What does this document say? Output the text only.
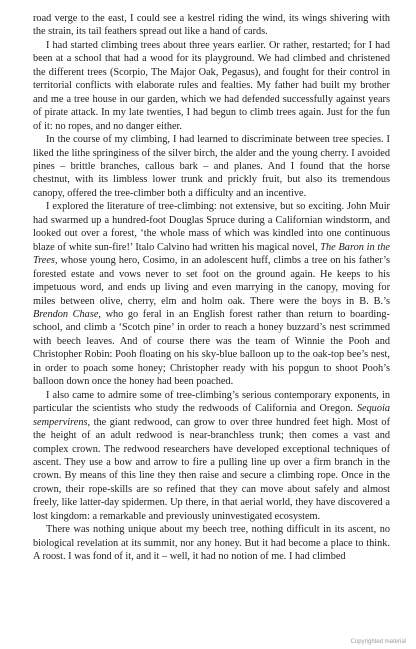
road verge to the east, I could see a kestrel riding the wind, its wings shivering with the strain, its tail feathers spread out like a hand of cards.

I had started climbing trees about three years earlier. Or rather, restarted; for I had been at a school that had a wood for its playground. We had climbed and christened the different trees (Scorpio, The Major Oak, Pegasus), and fought for their control in territorial conflicts with elaborate rules and fealties. My father had built my brother and me a tree house in our garden, which we had defended successfully against years of pirate attack. In my late twenties, I had begun to climb trees again. Just for the fun of it: no ropes, and no danger either.

In the course of my climbing, I had learned to discriminate between tree species. I liked the lithe springiness of the silver birch, the alder and the young cherry. I avoided pines – brittle branches, callous bark – and planes. And I found that the horse chestnut, with its limbless lower trunk and prickly fruit, but also its tremendous canopy, offered the tree-climber both a difficulty and an incentive.

I explored the literature of tree-climbing: not extensive, but so exciting. John Muir had swarmed up a hundred-foot Douglas Spruce during a Californian windstorm, and looked out over a forest, ‘the whole mass of which was kindled into one continuous blaze of white sun-fire!’ Italo Calvino had written his magical novel, The Baron in the Trees, whose young hero, Cosimo, in an adolescent huff, climbs a tree on his father’s forested estate and vows never to set foot on the ground again. He keeps to his impetuous word, and ends up living and even marrying in the canopy, moving for miles between olive, cherry, elm and holm oak. There were the boys in B. B.’s Brendon Chase, who go feral in an English forest rather than return to boarding-school, and climb a ‘Scotch pine’ in order to reach a honey buzzard’s nest scrimmed with beech leaves. And of course there was the team of Winnie the Pooh and Christopher Robin: Pooh floating on his sky-blue balloon up to the oak-top bee’s nest, in order to poach some honey; Christopher ready with his popgun to shoot Pooh’s balloon down once the honey had been poached.

I also came to admire some of tree-climbing’s serious contemporary exponents, in particular the scientists who study the redwoods of California and Oregon. Sequoia sempervirens, the giant redwood, can grow to over three hundred feet high. Most of the height of an adult redwood is near-branchless trunk; then comes a vast and complex crown. The redwood researchers have developed exceptional techniques of ascent. They use a bow and arrow to fire a pulling line up over a firm branch in the crown. By means of this line they then raise and secure a climbing rope. Once in the crown, their rope-skills are so refined that they can move about safely and almost freely, like latter-day spidermen. Up there, in that aerial world, they have discovered a lost kingdom: a remarkable and previously uninvestigated ecosystem.

There was nothing unique about my beech tree, nothing difficult in its ascent, no biological revelation at its summit, nor any honey. But it had become a place to think. A roost. I was fond of it, and it – well, it had no notion of me. I had climbed

Copyrighted material
